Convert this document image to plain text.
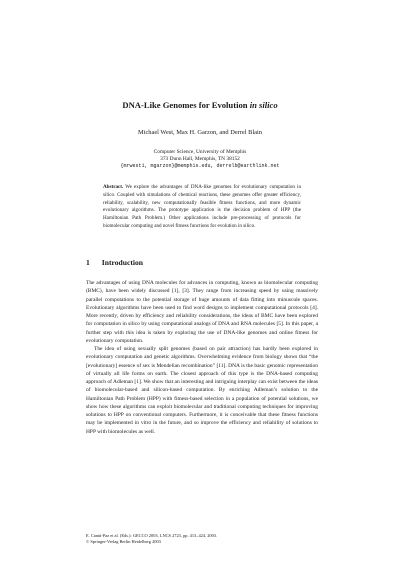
DNA-Like Genomes for Evolution in silico
Michael West, Max H. Garzon, and Derrel Blain
Computer Science, University of Memphis
373 Dunn Hall, Memphis, TN 38152
{mrwest1, mgarzon}@memphis.edu, derrelb@earthlink.net
Abstract. We explore the advantages of DNA-like genomes for evolutionary computation in silico. Coupled with simulations of chemical reactions, these genomes offer greater efficiency, reliability, scalability, new computationally feasible fitness functions, and more dynamic evolutionary algorithms. The prototype application is the decision problem of HPP (the Hamiltonian Path Problem.) Other applications include pre-processing of protocols for biomolecular computing and novel fitness functions for evolution in silico.
1 Introduction

The advantages of using DNA molecules for advances in computing, known as biomolecular computing (BMC), have been widely discussed [1], [3]. They range from increasing speed by using massively parallel computations to the potential storage of huge amounts of data fitting into minuscule spaces. Evolutionary algorithms have been used to find word designs to implement computational protocols [4]. More recently, driven by efficiency and reliability considerations, the ideas of BMC have been explored for computation in silico by using computational analogs of DNA and RNA molecules [5]. In this paper, a further step with this idea is taken by exploring the use of DNA-like genomes and online fitness for evolutionary computation.

The idea of using sexually split genomes (based on pair attraction) has hardly been explored in evolutionary computation and genetic algorithms. Overwhelming evidence from biology shows that “the [evolutionary] essence of sex is Mendelian recombination” [11]. DNA is the basic genomic representation of virtually all life forms on earth. The closest approach of this type is the DNA-based computing approach of Adleman [1]. We show that an interesting and intriguing interplay can exist between the ideas of biomolecular-based and silicon-based computation. By enriching Adleman’s solution to the Hamiltonian Path Problem (HPP) with fitness-based selection in a population of potential solutions, we show how these algorithms can exploit biomolecular and traditional computing techniques for improving solutions to HPP on conventional computers. Furthermore, it is conceivable that these fitness functions may be implemented in vitro in the future, and so improve the efficiency and reliability of solutions to HPP with biomolecules as well.

E. Cantú-Paz et al. (Eds.): GECCO 2003, LNCS 2723, pp. 413–424, 2003.
© Springer-Verlag Berlin Heidelberg 2003
